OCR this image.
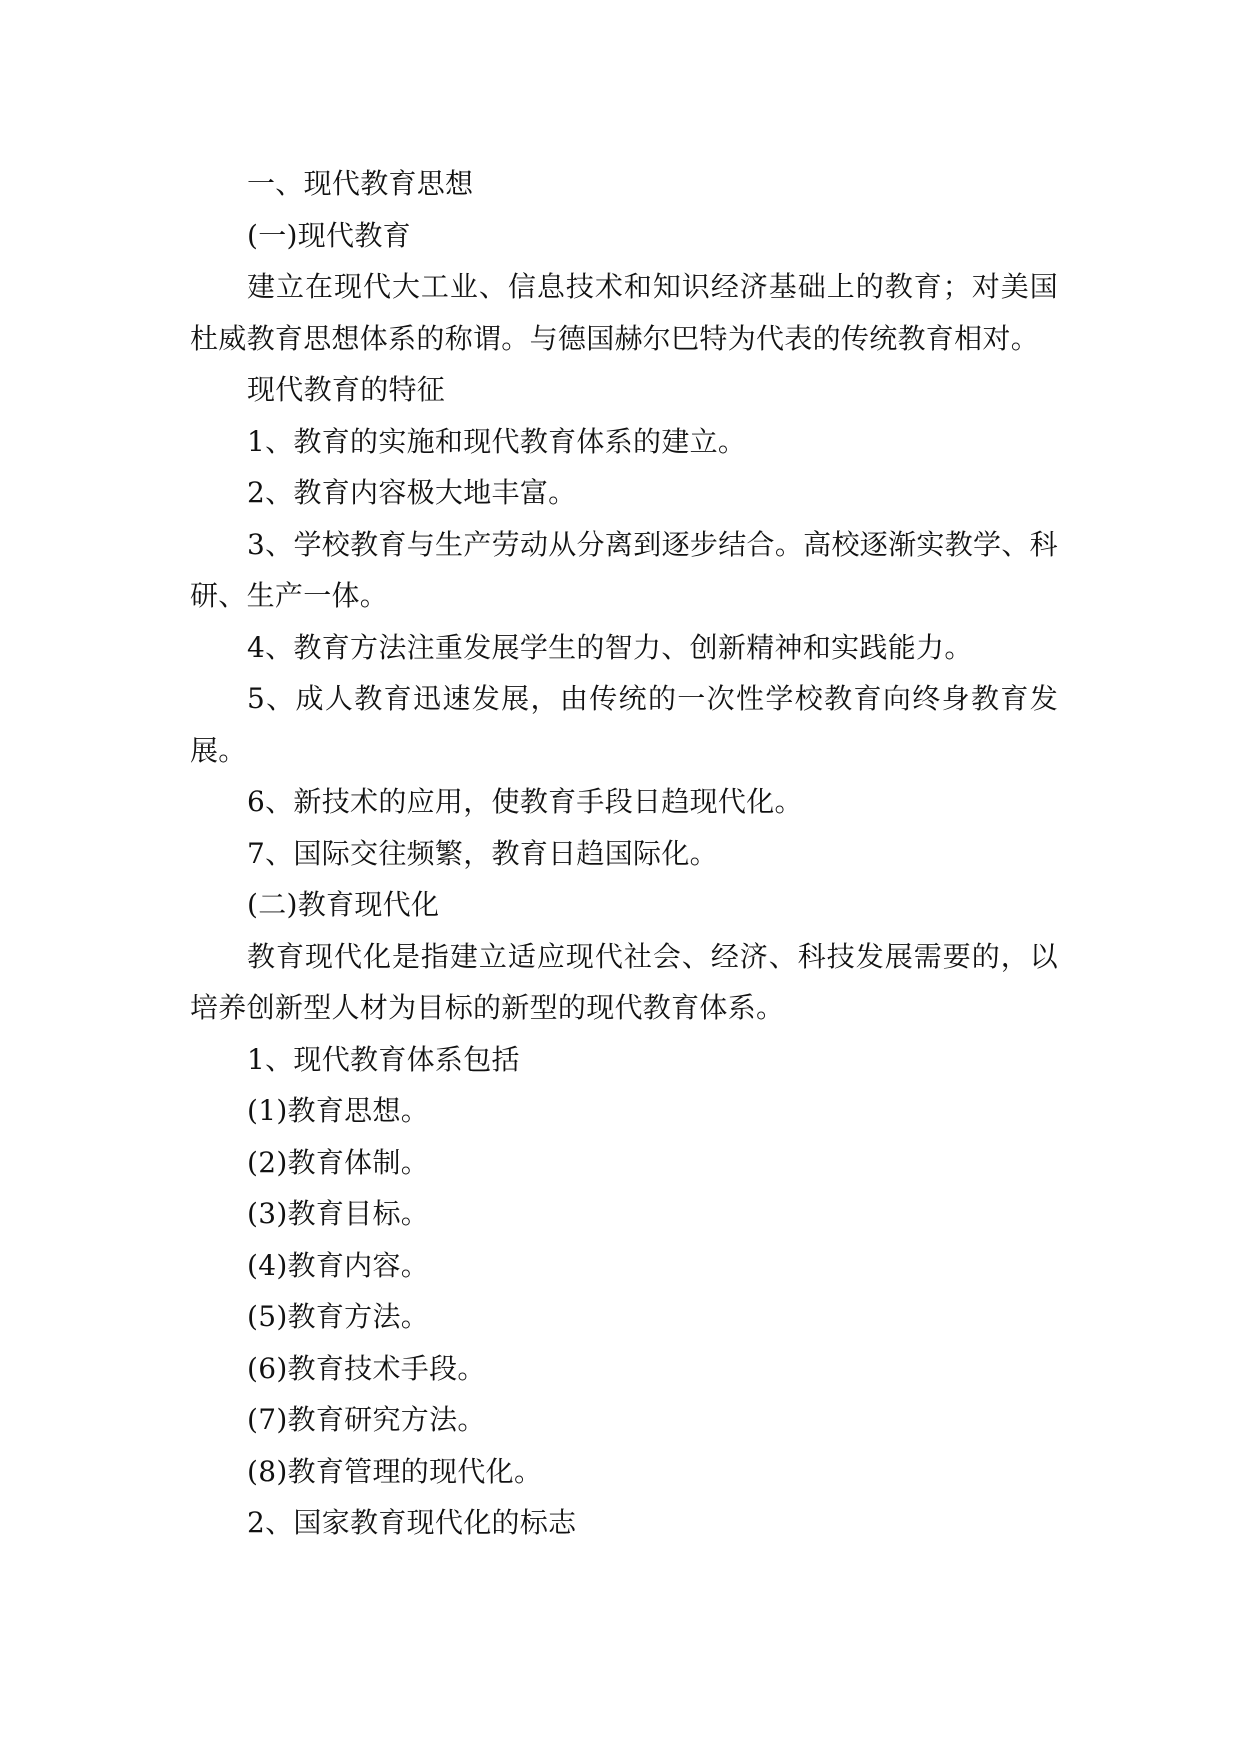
一、现代教育思想

(一)现代教育

建立在现代大工业、信息技术和知识经济基础上的教育；对美国杜威教育思想体系的称谓。与德国赫尔巴特为代表的传统教育相对。

现代教育的特征

1、教育的实施和现代教育体系的建立。

2、教育内容极大地丰富。

3、学校教育与生产劳动从分离到逐步结合。高校逐渐实教学、科研、生产一体。

4、教育方法注重发展学生的智力、创新精神和实践能力。

5、成人教育迅速发展，由传统的一次性学校教育向终身教育发展。

6、新技术的应用，使教育手段日趋现代化。

7、国际交往频繁，教育日趋国际化。

(二)教育现代化

教育现代化是指建立适应现代社会、经济、科技发展需要的，以培养创新型人材为目标的新型的现代教育体系。

1、现代教育体系包括

(1)教育思想。

(2)教育体制。

(3)教育目标。

(4)教育内容。

(5)教育方法。

(6)教育技术手段。

(7)教育研究方法。

(8)教育管理的现代化。

2、国家教育现代化的标志
